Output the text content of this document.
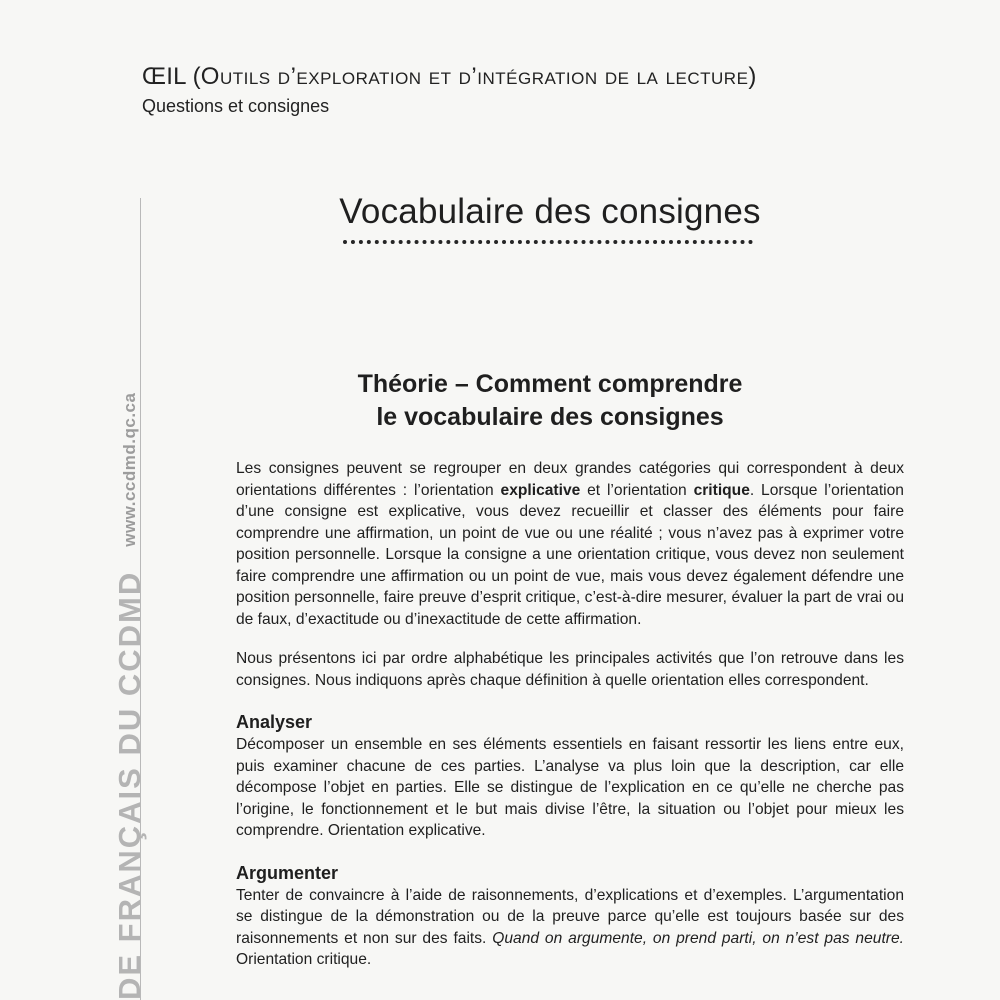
ŒIL (Outils d’exploration et d’intégration de la lecture)
Questions et consignes
Vocabulaire des consignes
DE FRANÇAIS DU CCDMD
www.ccdmd.qc.ca
Théorie – Comment comprendre
le vocabulaire des consignes

Les consignes peuvent se regrouper en deux grandes catégories qui correspondent à deux orientations différentes : l’orientation explicative et l’orientation critique. Lorsque l’orientation d’une consigne est explicative, vous devez recueillir et classer des éléments pour faire comprendre une affirmation, un point de vue ou une réalité ; vous n’avez pas à exprimer votre position personnelle. Lorsque la consigne a une orientation critique, vous devez non seulement faire comprendre une affirmation ou un point de vue, mais vous devez également défendre une position personnelle, faire preuve d’esprit critique, c’est-à-dire mesurer, évaluer la part de vrai ou de faux, d’exactitude ou d’inexactitude de cette affirmation.

Nous présentons ici par ordre alphabétique les principales activités que l’on retrouve dans les consignes. Nous indiquons après chaque définition à quelle orientation elles correspondent.

Analyser

Décomposer un ensemble en ses éléments essentiels en faisant ressortir les liens entre eux, puis examiner chacune de ces parties. L’analyse va plus loin que la description, car elle décompose l’objet en parties. Elle se distingue de l’explication en ce qu’elle ne cherche pas l’origine, le fonctionnement et le but mais divise l’être, la situation ou l’objet pour mieux les comprendre. Orientation explicative.

Argumenter

Tenter de convaincre à l’aide de raisonnements, d’explications et d’exemples. L’argumentation se distingue de la démonstration ou de la preuve parce qu’elle est toujours basée sur des raisonnements et non sur des faits. Quand on argumente, on prend parti, on n’est pas neutre. Orientation critique.
